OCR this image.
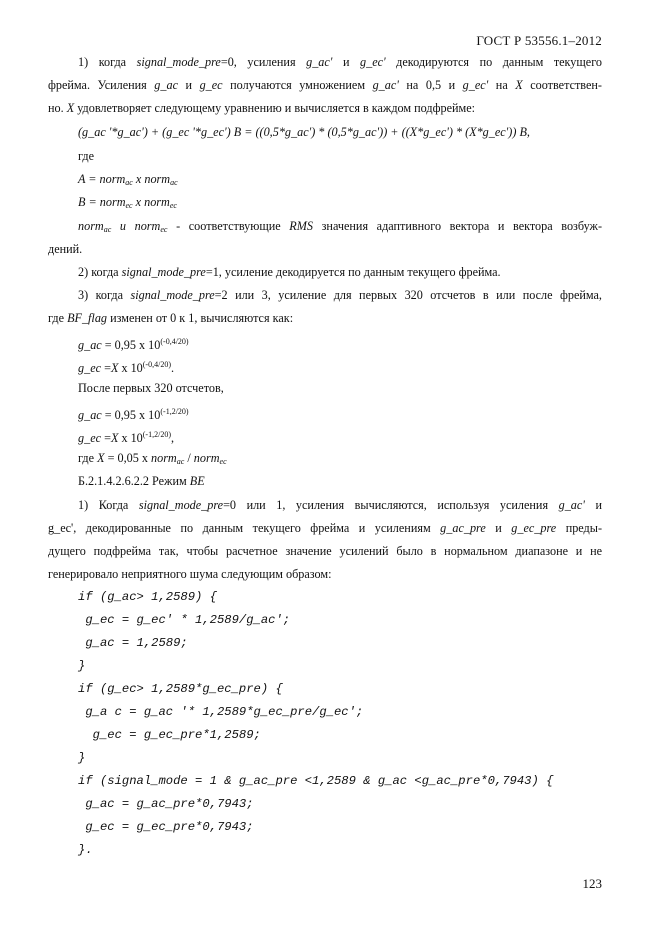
ГОСТ Р 53556.1–2012
1) когда signal_mode_pre=0, усиления g_ac' и g_ec' декодируются по данным текущего
фрейма. Усиления g_ac и g_ec получаются умножением g_ac' на 0,5 и g_ec' на X соответствен-
но. X удовлетворяет следующему уравнению и вычисляется в каждом подфрейме:
(g_ac '*g_ac') + (g_ec '*g_ec') B = ((0,5*g_ac') * (0,5*g_ac')) + ((X*g_ec') * (X*g_ec')) B,
где
A = norm$_{ac}$ x norm$_{ac}$
B = norm$_{ec}$ x norm$_{ec}$
norm$_{ac}$ и norm$_{ec}$ - соответствующие RMS значения адаптивного вектора и вектора возбуж-
дений.
2) когда signal_mode_pre=1, усиление декодируется по данным текущего фрейма.
3) когда signal_mode_pre=2 или 3, усиление для первых 320 отсчетов в или после фрейма,
где BF_flag изменен от 0 к 1, вычисляются как:
g_ac = 0,95 x $10^{(-0,4/20)}$
g_ec =X x $10^{(-0,4/20)}$.
После первых 320 отсчетов,
g_ac = 0,95 x $10^{(-1,2/20)}$
g_ec =X x $10^{(-1,2/20)}$,
где X = 0,05 x norm$_{ac}$ / norm$_{ec}$
Б.2.1.4.2.6.2.2 Режим BE
1) Когда signal_mode_pre=0 или 1, усиления вычисляются, используя усиления g_ac' и
g_ec', декодированные по данным текущего фрейма и усилениям g_ac_pre и g_ec_pre преды-
дущего подфрейма так, чтобы расчетное значение усилений было в нормальном диапазоне и не
генерировало неприятного шума следующим образом:
if (g_ac> 1,2589) {
g_ec = g_ec' * 1,2589/g_ac';
g_ac = 1,2589;
}
if (g_ec> 1,2589*g_ec_pre) {
g_a c = g_ac '* 1,2589*g_ec_pre/g_ec';
g_ec = g_ec_pre*1,2589;
}
if (signal_mode = 1 & g_ac_pre <1,2589 & g_ac <g_ac_pre*0,7943) {
g_ac = g_ac_pre*0,7943;
g_ec = g_ec_pre*0,7943;
}.
123
